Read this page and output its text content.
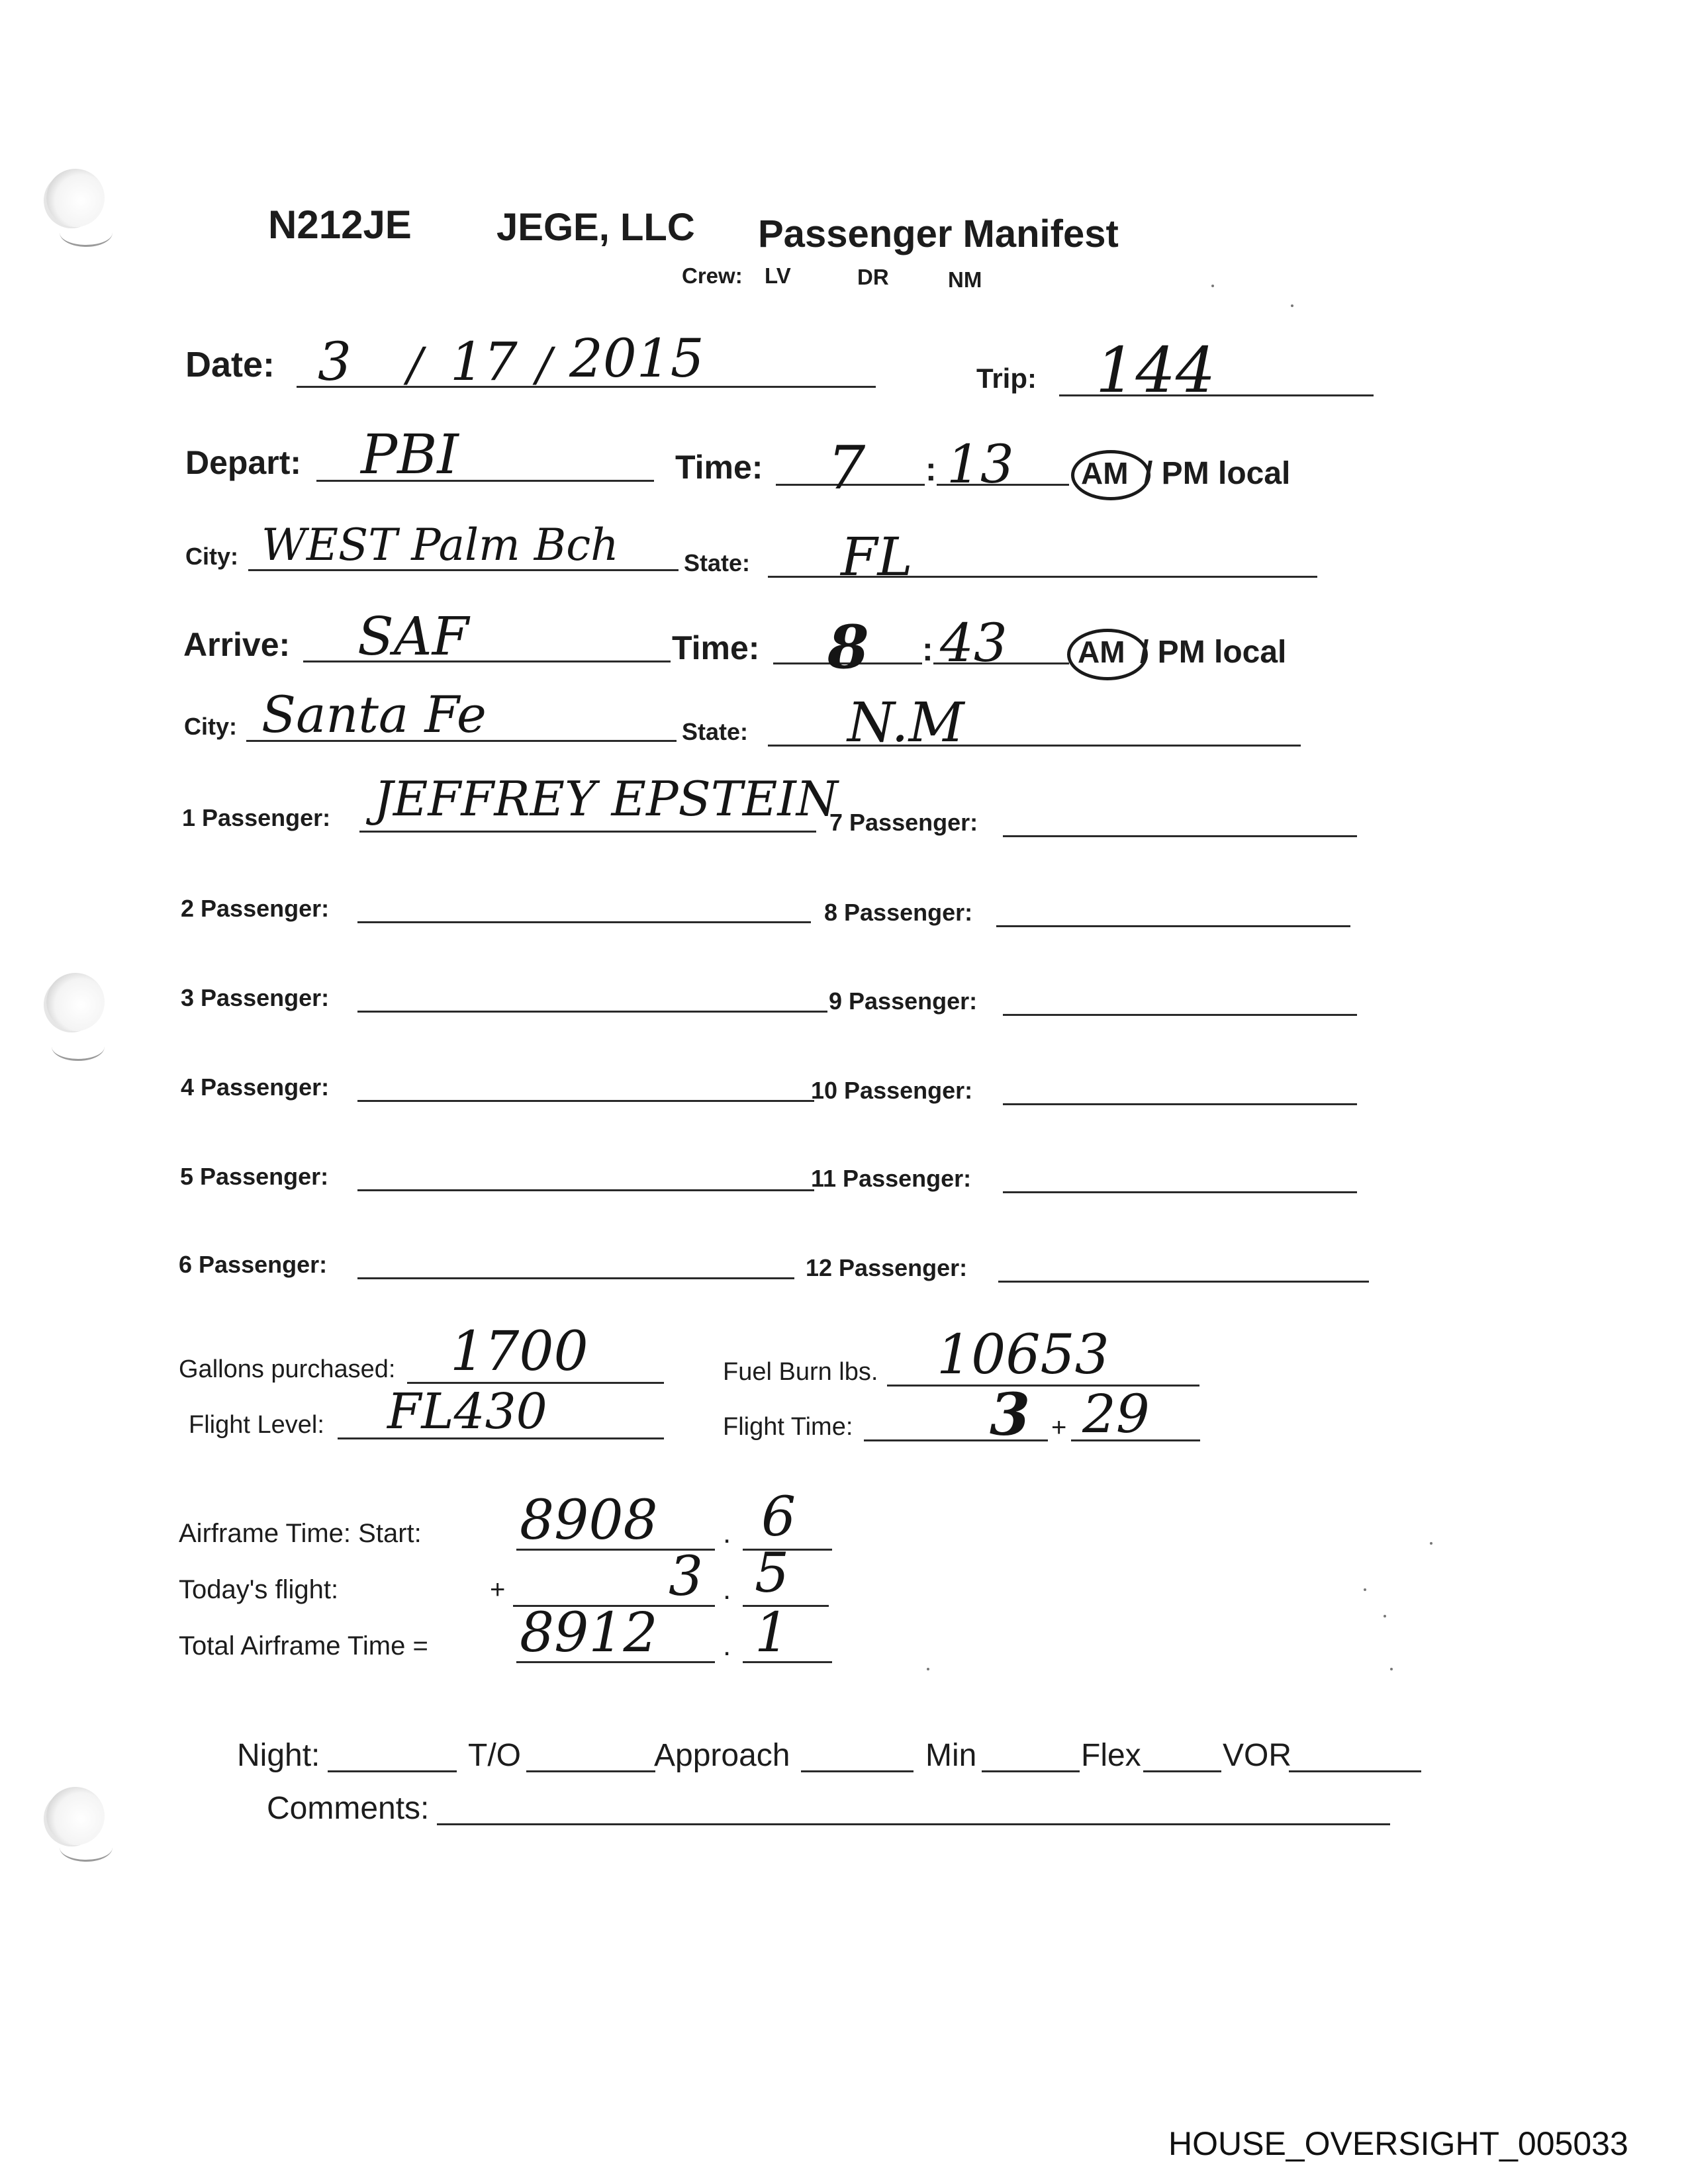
N212JE JEGE, LLC Passenger Manifest
Crew: LV	DR	NM
Date: 3 / 17 / 2015	Trip: 144
Depart: PBI	Time: 7 : 13 AM / PM local
City: WEST Palm Bch	State: FL
Arrive: SAF	Time: 8 : 43 AM / PM local
City: Santa Fe	State: N.M
1 Passenger: JEFFREY EPSTEIN
2 Passenger:
3 Passenger:
4 Passenger:
5 Passenger:
6 Passenger:
7 Passenger:
8 Passenger:
9 Passenger:
10 Passenger:
11 Passenger:
12 Passenger:
Gallons purchased: 1700	Fuel Burn lbs. 10653
Flight Level: FL430	Flight Time: 3 + 29
Airframe Time: Start: 8908 . 6
Today's flight:	+	3 . 5
Total Airframe Time = 8912 . 1
Night:	T/O	Approach	Min	Flex	VOR
Comments:
HOUSE_OVERSIGHT_005033
